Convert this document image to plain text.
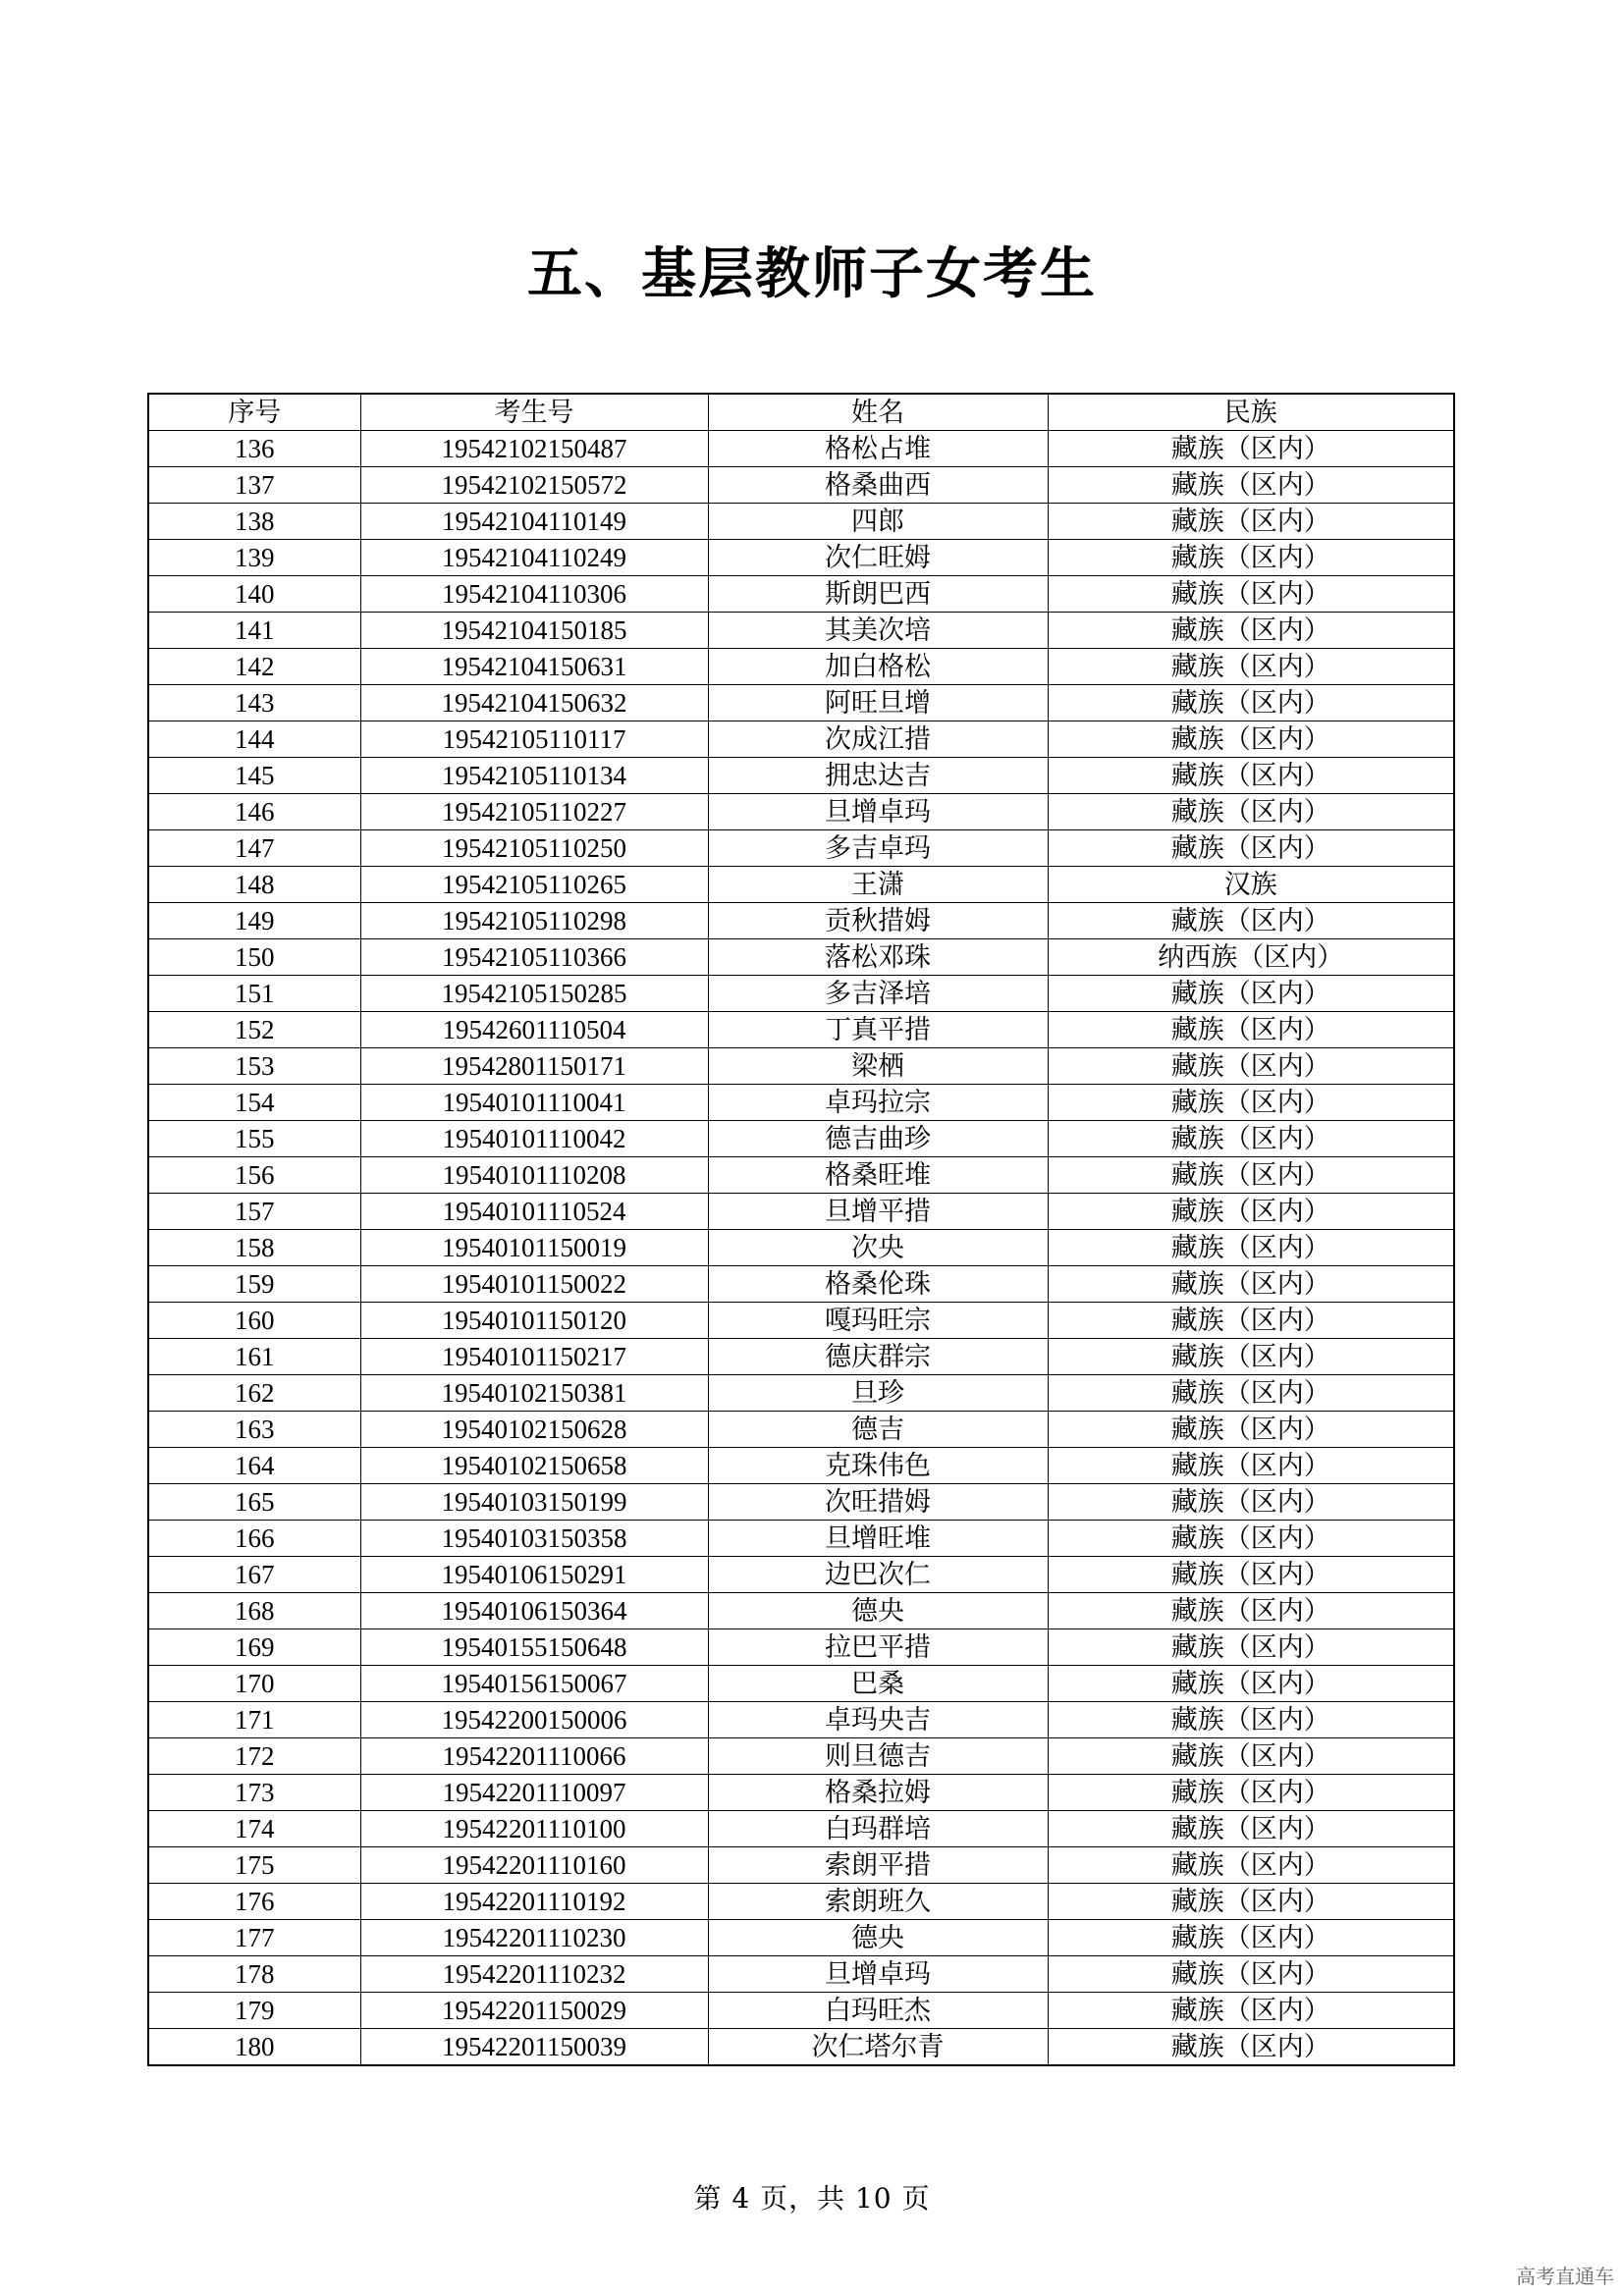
五、基层教师子女考生
序号	考生号	姓名	民族
136	19542102150487	格松占堆	藏族（区内）
137	19542102150572	格桑曲西	藏族（区内）
138	19542104110149	四郎	藏族（区内）
139	19542104110249	次仁旺姆	藏族（区内）
140	19542104110306	斯朗巴西	藏族（区内）
141	19542104150185	其美次培	藏族（区内）
142	19542104150631	加白格松	藏族（区内）
143	19542104150632	阿旺旦增	藏族（区内）
144	19542105110117	次成江措	藏族（区内）
145	19542105110134	拥忠达吉	藏族（区内）
146	19542105110227	旦增卓玛	藏族（区内）
147	19542105110250	多吉卓玛	藏族（区内）
148	19542105110265	王潇	汉族
149	19542105110298	贡秋措姆	藏族（区内）
150	19542105110366	落松邓珠	纳西族（区内）
151	19542105150285	多吉泽培	藏族（区内）
152	19542601110504	丁真平措	藏族（区内）
153	19542801150171	梁栖	藏族（区内）
154	19540101110041	卓玛拉宗	藏族（区内）
155	19540101110042	德吉曲珍	藏族（区内）
156	19540101110208	格桑旺堆	藏族（区内）
157	19540101110524	旦增平措	藏族（区内）
158	19540101150019	次央	藏族（区内）
159	19540101150022	格桑伦珠	藏族（区内）
160	19540101150120	嘎玛旺宗	藏族（区内）
161	19540101150217	德庆群宗	藏族（区内）
162	19540102150381	旦珍	藏族（区内）
163	19540102150628	德吉	藏族（区内）
164	19540102150658	克珠伟色	藏族（区内）
165	19540103150199	次旺措姆	藏族（区内）
166	19540103150358	旦增旺堆	藏族（区内）
167	19540106150291	边巴次仁	藏族（区内）
168	19540106150364	德央	藏族（区内）
169	19540155150648	拉巴平措	藏族（区内）
170	19540156150067	巴桑	藏族（区内）
171	19542200150006	卓玛央吉	藏族（区内）
172	19542201110066	则旦德吉	藏族（区内）
173	19542201110097	格桑拉姆	藏族（区内）
174	19542201110100	白玛群培	藏族（区内）
175	19542201110160	索朗平措	藏族（区内）
176	19542201110192	索朗班久	藏族（区内）
177	19542201110230	德央	藏族（区内）
178	19542201110232	旦增卓玛	藏族（区内）
179	19542201150029	白玛旺杰	藏族（区内）
180	19542201150039	次仁塔尔青	藏族（区内）
第 4 页，共 10 页
高考直通车
